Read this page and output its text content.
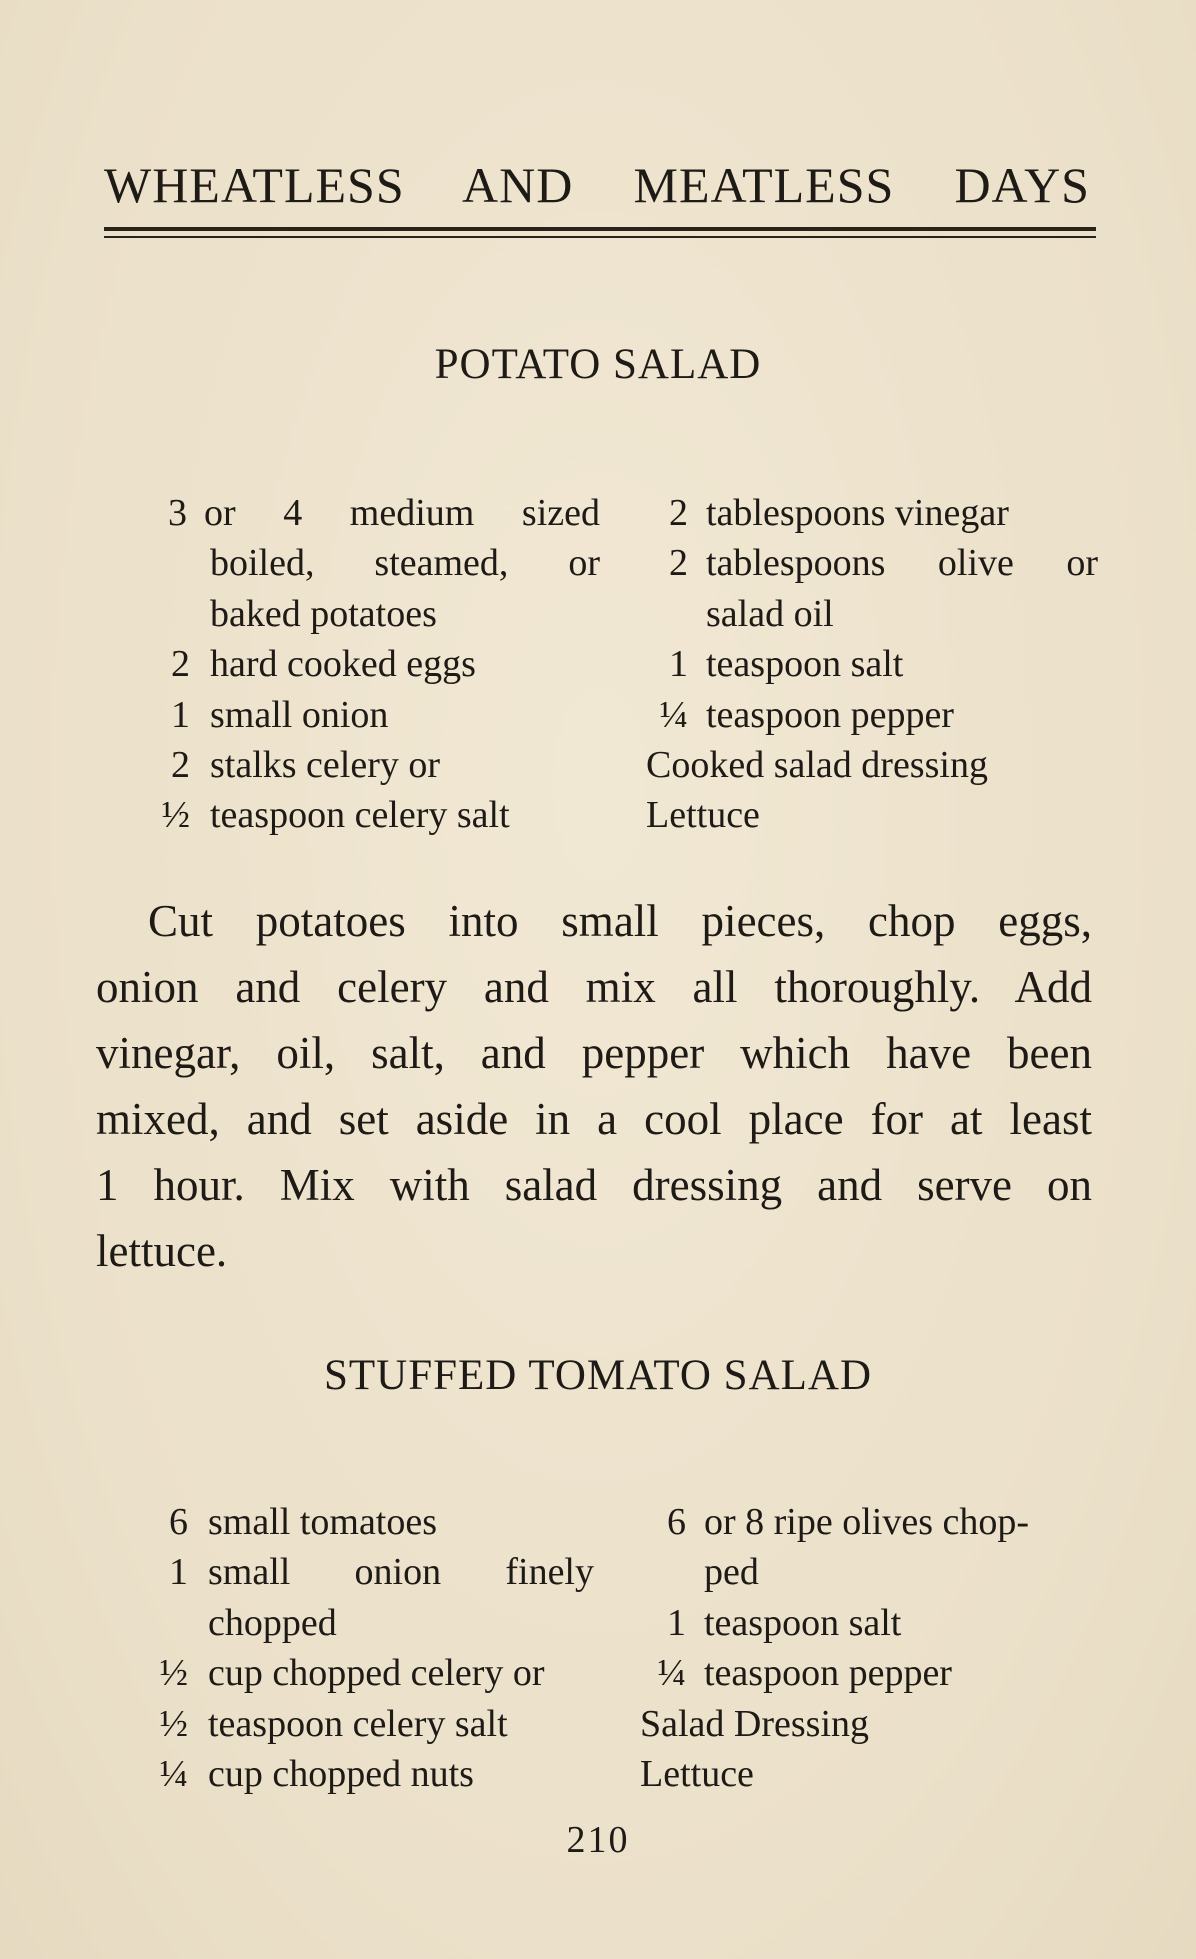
WHEATLESS AND MEATLESS DAYS
POTATO SALAD
3 or 4 medium sized
boiled, steamed, or
baked potatoes
2 hard cooked eggs
1 small onion
2 stalks celery or
½ teaspoon celery salt
2 tablespoons vinegar
2 tablespoons olive or
salad oil
1 teaspoon salt
¼ teaspoon pepper
Cooked salad dressing
Lettuce
Cut potatoes into small pieces, chop eggs,
onion and celery and mix all thoroughly. Add
vinegar, oil, salt, and pepper which have been
mixed, and set aside in a cool place for at least
1 hour. Mix with salad dressing and serve on
lettuce.
STUFFED TOMATO SALAD
6 small tomatoes
1 small onion finely
chopped
½ cup chopped celery or
½ teaspoon celery salt
¼ cup chopped nuts
6 or 8 ripe olives chop-
ped
1 teaspoon salt
¼ teaspoon pepper
Salad Dressing
Lettuce
210
